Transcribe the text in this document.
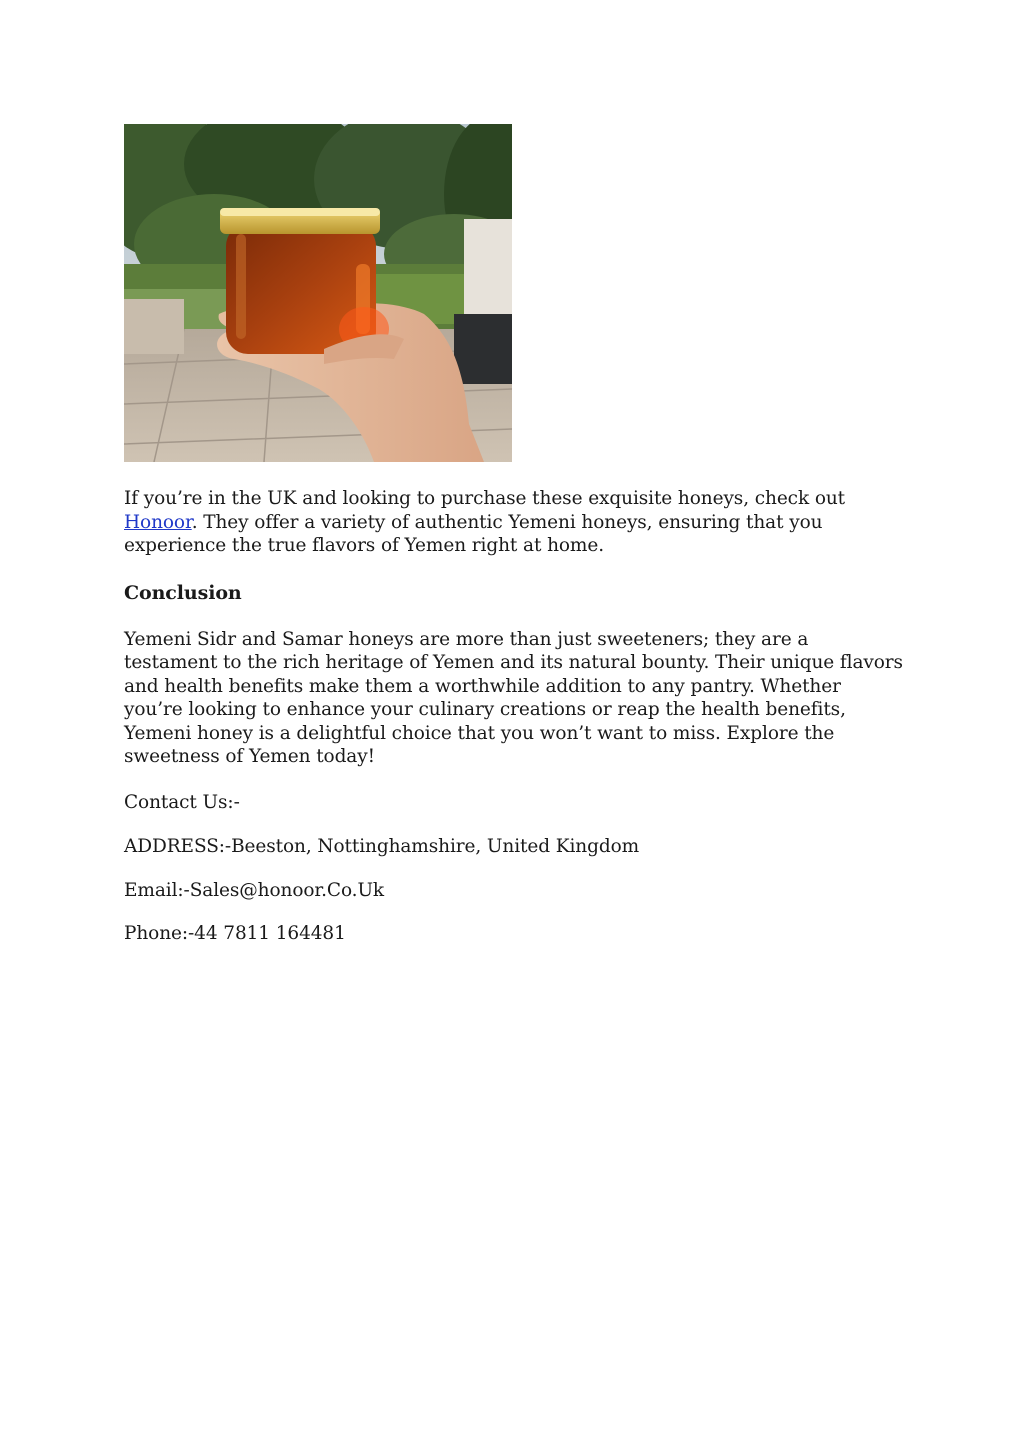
If you’re in the UK and looking to purchase these exquisite honeys, check out Honoor. They offer a variety of authentic Yemeni honeys, ensuring that you experience the true flavors of Yemen right at home.
Conclusion
Yemeni Sidr and Samar honeys are more than just sweeteners; they are a testament to the rich heritage of Yemen and its natural bounty. Their unique flavors and health benefits make them a worthwhile addition to any pantry. Whether you’re looking to enhance your culinary creations or reap the health benefits, Yemeni honey is a delightful choice that you won’t want to miss. Explore the sweetness of Yemen today!
Contact Us:-
ADDRESS:-Beeston, Nottinghamshire, United Kingdom
Email:-Sales@honoor.Co.Uk
Phone:-44 7811 164481
